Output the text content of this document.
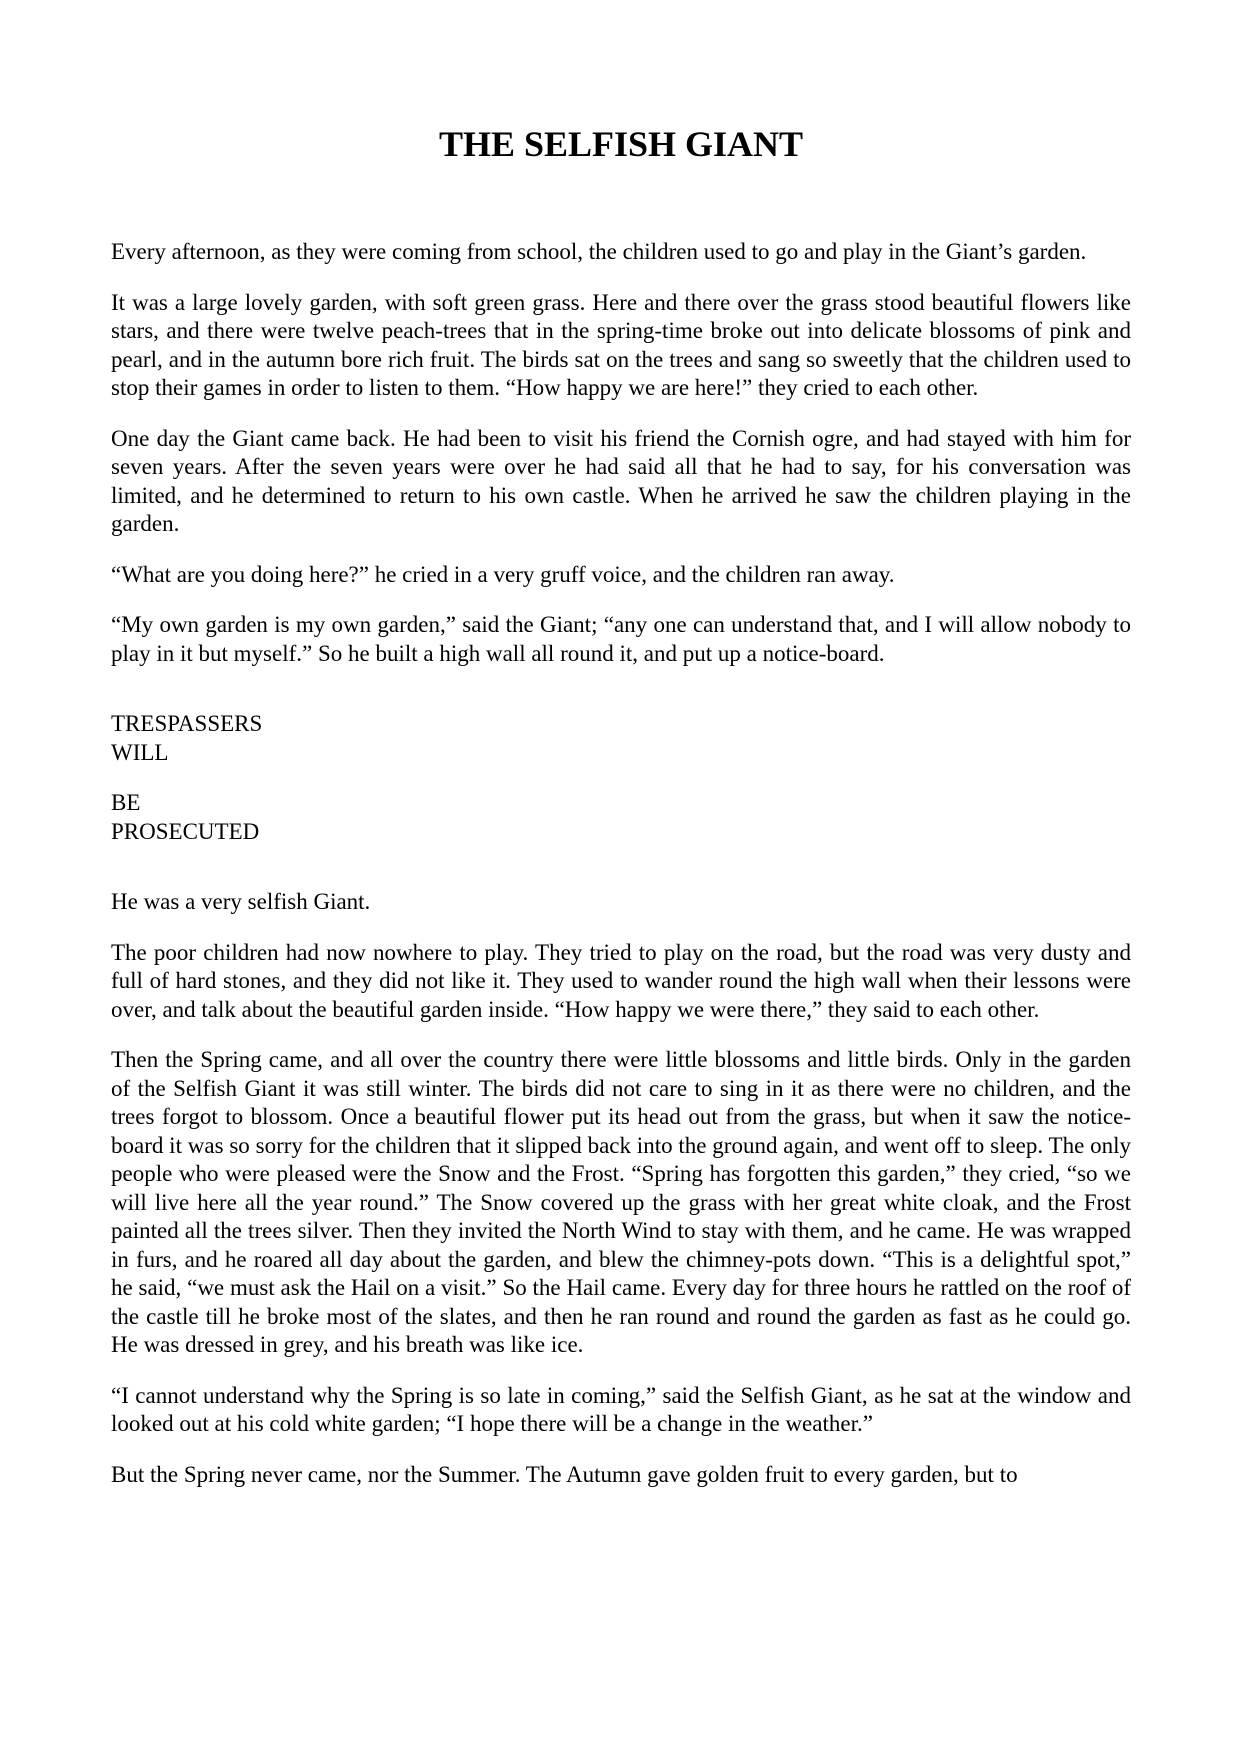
THE SELFISH GIANT

Every afternoon, as they were coming from school, the children used to go and play in the Giant’s garden.

It was a large lovely garden, with soft green grass. Here and there over the grass stood beautiful flowers like stars, and there were twelve peach-trees that in the spring-time broke out into delicate blossoms of pink and pearl, and in the autumn bore rich fruit. The birds sat on the trees and sang so sweetly that the children used to stop their games in order to listen to them. “How happy we are here!” they cried to each other.

One day the Giant came back. He had been to visit his friend the Cornish ogre, and had stayed with him for seven years. After the seven years were over he had said all that he had to say, for his conversation was limited, and he determined to return to his own castle. When he arrived he saw the children playing in the garden.

“What are you doing here?” he cried in a very gruff voice, and the children ran away.

“My own garden is my own garden,” said the Giant; “any one can understand that, and I will allow nobody to play in it but myself.” So he built a high wall all round it, and put up a notice-board.

TRESPASSERS

WILL

BE

PROSECUTED

He was a very selfish Giant.

The poor children had now nowhere to play. They tried to play on the road, but the road was very dusty and full of hard stones, and they did not like it. They used to wander round the high wall when their lessons were over, and talk about the beautiful garden inside. “How happy we were there,” they said to each other.

Then the Spring came, and all over the country there were little blossoms and little birds. Only in the garden of the Selfish Giant it was still winter. The birds did not care to sing in it as there were no children, and the trees forgot to blossom. Once a beautiful flower put its head out from the grass, but when it saw the notice-board it was so sorry for the children that it slipped back into the ground again, and went off to sleep. The only people who were pleased were the Snow and the Frost. “Spring has forgotten this garden,” they cried, “so we will live here all the year round.” The Snow covered up the grass with her great white cloak, and the Frost painted all the trees silver. Then they invited the North Wind to stay with them, and he came. He was wrapped in furs, and he roared all day about the garden, and blew the chimney-pots down. “This is a delightful spot,” he said, “we must ask the Hail on a visit.” So the Hail came. Every day for three hours he rattled on the roof of the castle till he broke most of the slates, and then he ran round and round the garden as fast as he could go. He was dressed in grey, and his breath was like ice.

“I cannot understand why the Spring is so late in coming,” said the Selfish Giant, as he sat at the window and looked out at his cold white garden; “I hope there will be a change in the weather.”

But the Spring never came, nor the Summer. The Autumn gave golden fruit to every garden, but to
